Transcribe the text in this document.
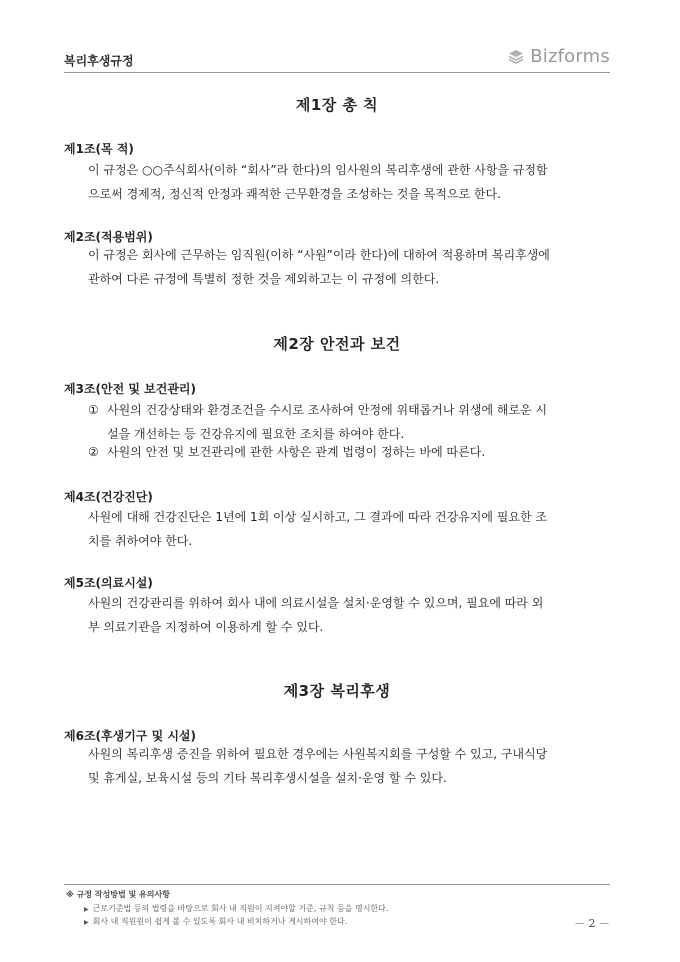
복리후생규정	Bizforms
제1장 총 칙
제1조(목 적)
이 규정은 ○○주식회사(이하 “회사”라 한다)의 임사원의 복리후생에 관한 사항을 규정함
으로써 경제적, 정신적 안정과 쾌적한 근무환경을 조성하는 것을 목적으로 한다.
제2조(적용범위)
이 규정은 회사에 근무하는 임직원(이하 “사원”이라 한다)에 대하여 적용하며 복리후생에
관하여 다른 규정에 특별히 정한 것을 제외하고는 이 규정에 의한다.
제2장 안전과 보건
제3조(안전 및 보건관리)
① 사원의 건강상태와 환경조건을 수시로 조사하여 안정에 위태롭거나 위생에 해로운 시
설을 개선하는 등 건강유지에 필요한 조치를 하여야 한다.
② 사원의 안전 및 보건관리에 관한 사항은 관계 법령이 정하는 바에 따른다.
제4조(건강진단)
사원에 대해 건강진단은 1년에 1회 이상 실시하고, 그 결과에 따라 건강유지에 필요한 조
치를 취하여야 한다.
제5조(의료시설)
사원의 건강관리를 위하여 회사 내에 의료시설을 설치·운영할 수 있으며, 필요에 따라 외
부 의료기관을 지정하여 이용하게 할 수 있다.
제3장 복리후생
제6조(후생기구 및 시설)
사원의 복리후생 증진을 위하여 필요한 경우에는 사원복지회를 구성할 수 있고, 구내식당
및 휴게실, 보육시설 등의 기타 복리후생시설을 설치·운영 할 수 있다.
※ 규정 작성방법 및 유의사항
▶ 근로기준법 등의 법령을 바탕으로 회사 내 직원이 지켜야할 기준, 규칙 등을 명시한다.
▶ 회사 내 직원원이 쉽게 볼 수 있도록 회사 내 비치하거나 게시하여야 한다.	－ 2 －
